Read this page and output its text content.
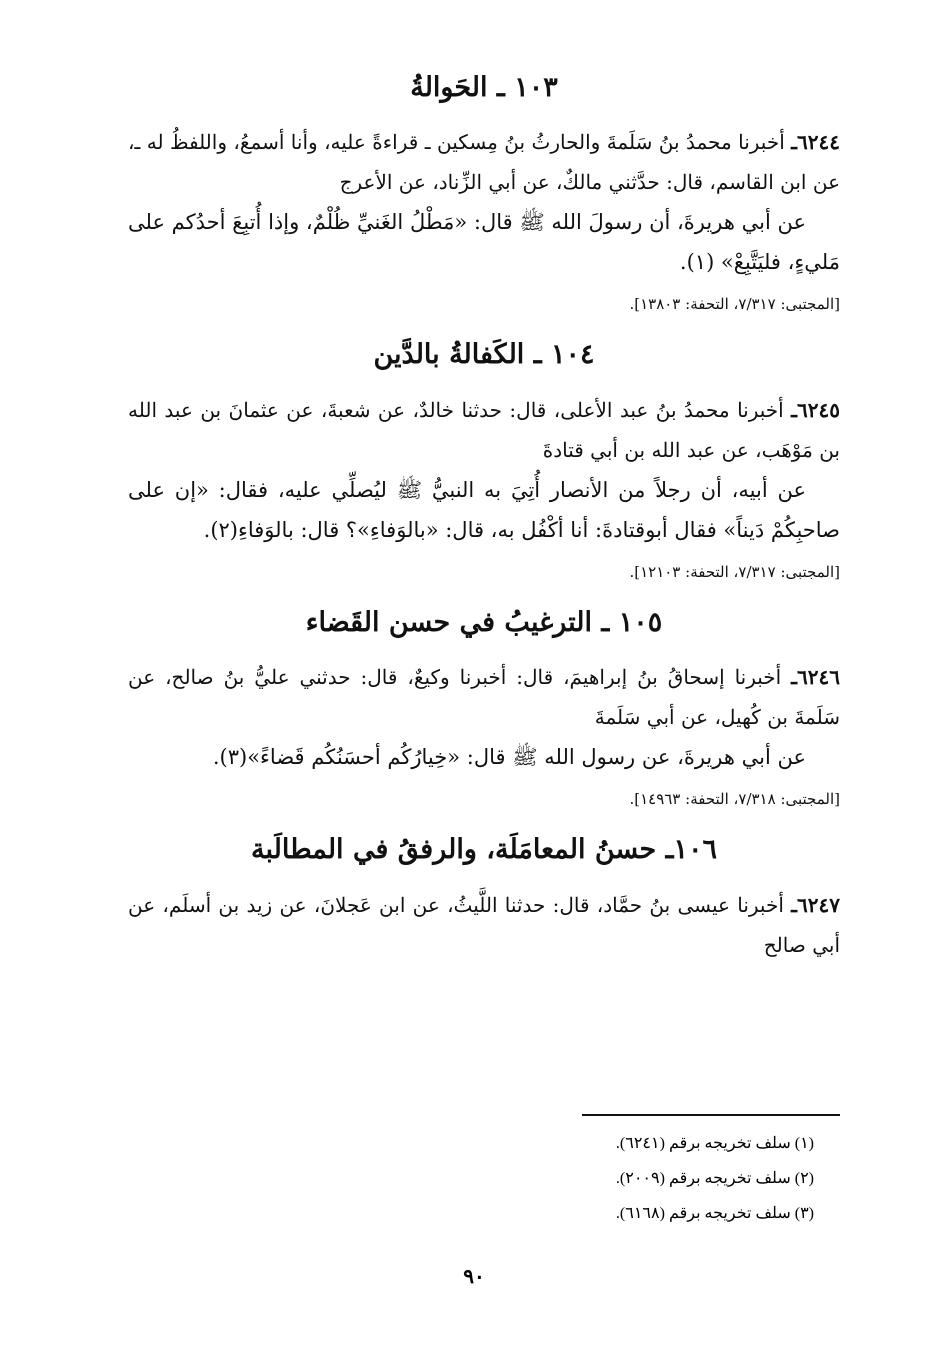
١٠٣ ـ الحَوالةُ

٦٢٤٤ـ أخبرنا محمدُ بنُ سَلَمةَ والحارثُ بنُ مِسكين ـ قراءةً عليه، وأنا أسمعُ، واللفظُ له ـ، عن ابن القاسم، قال: حدَّثني مالكٌ، عن أبي الزِّناد، عن الأعرج

عن أبي هريرةَ، أن رسولَ الله ﷺ قال: «مَطْلُ الغَنيِّ ظُلْمٌ، وإذا أُتبِعَ أحدُكم على مَليءٍ، فليَتَّبِعْ» (١).

[المجتبى: ٧/٣١٧، التحفة: ١٣٨٠٣].
١٠٤ ـ الكَفالةُ بالدَّين

٦٢٤٥ـ أخبرنا محمدُ بنُ عبد الأعلى، قال: حدثنا خالدٌ، عن شعبةَ، عن عثمانَ بن عبد الله بن مَوْهَب، عن عبد الله بن أبي قتادةَ

عن أبيه، أن رجلاً من الأنصار أُتِيَ به النبيُّ ﷺ ليُصلِّي عليه، فقال: «إن على صاحبِكُمْ دَيناً» فقال أبوقتادةَ: أنا أكْفُل به، قال: «بالوَفاءِ»؟ قال: بالوَفاءِ(٢).

[المجتبى: ٧/٣١٧، التحفة: ١٢١٠٣].
١٠٥ ـ الترغيبُ في حسن القَضاء

٦٢٤٦ـ أخبرنا إسحاقُ بنُ إبراهيمَ، قال: أخبرنا وكيعٌ، قال: حدثني عليُّ بنُ صالح، عن سَلَمةَ بن كُهيل، عن أبي سَلَمةَ

عن أبي هريرةَ، عن رسول الله ﷺ قال: «خِيارُكُم أحسَنُكُم قَضاءً»(٣).

[المجتبى: ٧/٣١٨، التحفة: ١٤٩٦٣].
١٠٦ـ حسنُ المعامَلَة، والرفقُ في المطالَبة

٦٢٤٧ـ أخبرنا عيسى بنُ حمَّاد، قال: حدثنا اللَّيثُ، عن ابن عَجلانَ، عن زيد بن أسلَم، عن أبي صالح

(١) سلف تخريجه برقم (٦٢٤١).

(٢) سلف تخريجه برقم (٢٠٠٩).

(٣) سلف تخريجه برقم (٦١٦٨).

٩٠
